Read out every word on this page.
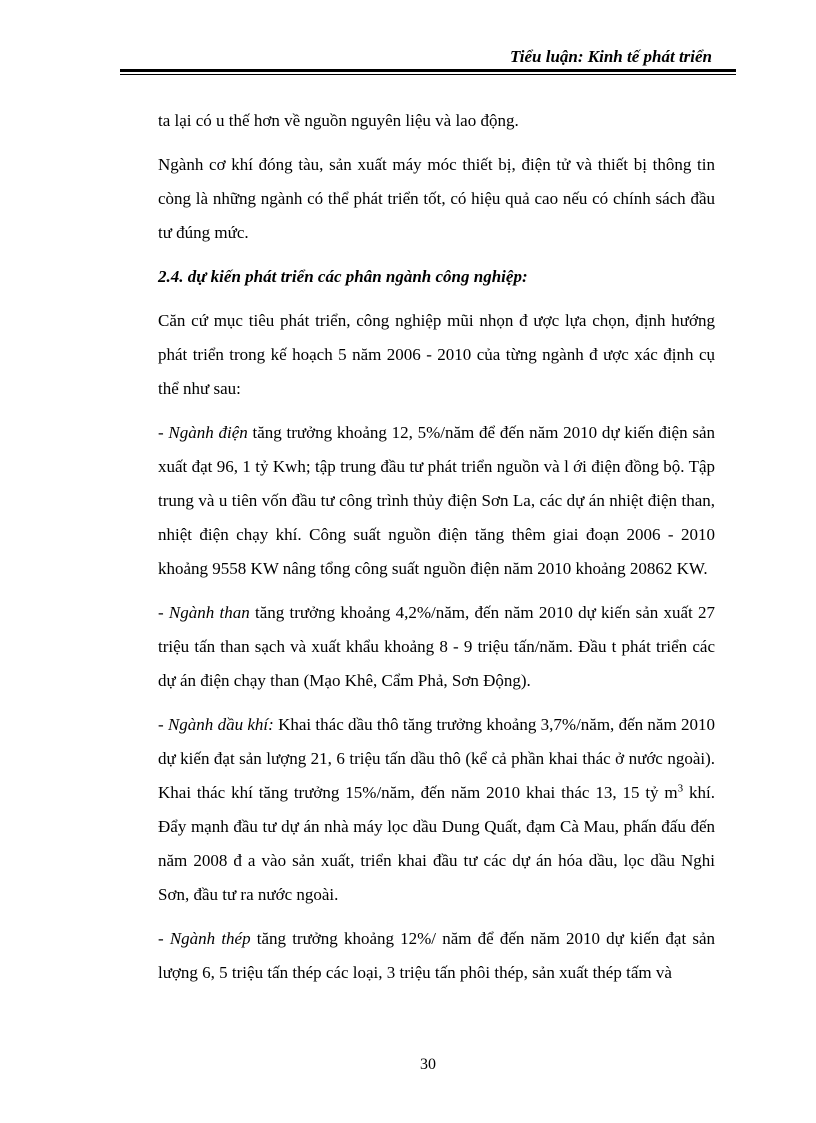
Tiểu luận: Kinh tế phát triển

ta lại có u thế hơn về nguồn nguyên liệu và lao động.

Ngành cơ khí đóng tàu, sản xuất máy móc thiết bị, điện tử và thiết bị thông tin còng là những ngành có thể phát triển tốt, có hiệu quả cao nếu có chính sách đầu tư đúng mức.

2.4. dự kiến phát triển các phân ngành công nghiệp:

Căn cứ mục tiêu phát triển, công nghiệp mũi nhọn đ ược lựa chọn, định hướng phát triển trong kế hoạch 5 năm 2006 - 2010 của từng ngành đ ược xác định cụ thể như sau:

- Ngành điện tăng trưởng khoảng 12, 5%/năm để đến năm 2010 dự kiến điện sản xuất đạt 96, 1 tỷ Kwh; tập trung đầu tư phát triển nguồn và l ới điện đồng bộ. Tập trung và u tiên vốn đầu tư công trình thủy điện Sơn La, các dự án nhiệt điện than, nhiệt điện chạy khí. Công suất nguồn điện tăng thêm giai đoạn 2006 - 2010 khoảng 9558 KW nâng tổng công suất nguồn điện năm 2010 khoảng 20862 KW.

- Ngành than tăng trưởng khoảng 4,2%/năm, đến năm 2010 dự kiến sản xuất 27 triệu tấn than sạch và xuất khẩu khoảng 8 - 9 triệu tấn/năm. Đầu t phát triển các dự án điện chạy than (Mạo Khê, Cẩm Phả, Sơn Động).

- Ngành dầu khí: Khai thác dầu thô tăng trưởng khoảng 3,7%/năm, đến năm 2010 dự kiến đạt sản lượng 21, 6 triệu tấn dầu thô (kể cả phần khai thác ở nước ngoài). Khai thác khí tăng trưởng 15%/năm, đến năm 2010 khai thác 13, 15 tỷ $m^3$ khí. Đẩy mạnh đầu tư dự án nhà máy lọc dầu Dung Quất, đạm Cà Mau, phấn đấu đến năm 2008 đ a vào sản xuất, triển khai đầu tư các dự án hóa dầu, lọc dầu Nghi Sơn, đầu tư ra nước ngoài.

- Ngành thép tăng trưởng khoảng 12%/ năm để đến năm 2010 dự kiến đạt sản lượng 6, 5 triệu tấn thép các loại, 3 triệu tấn phôi thép, sản xuất thép tấm và

30
